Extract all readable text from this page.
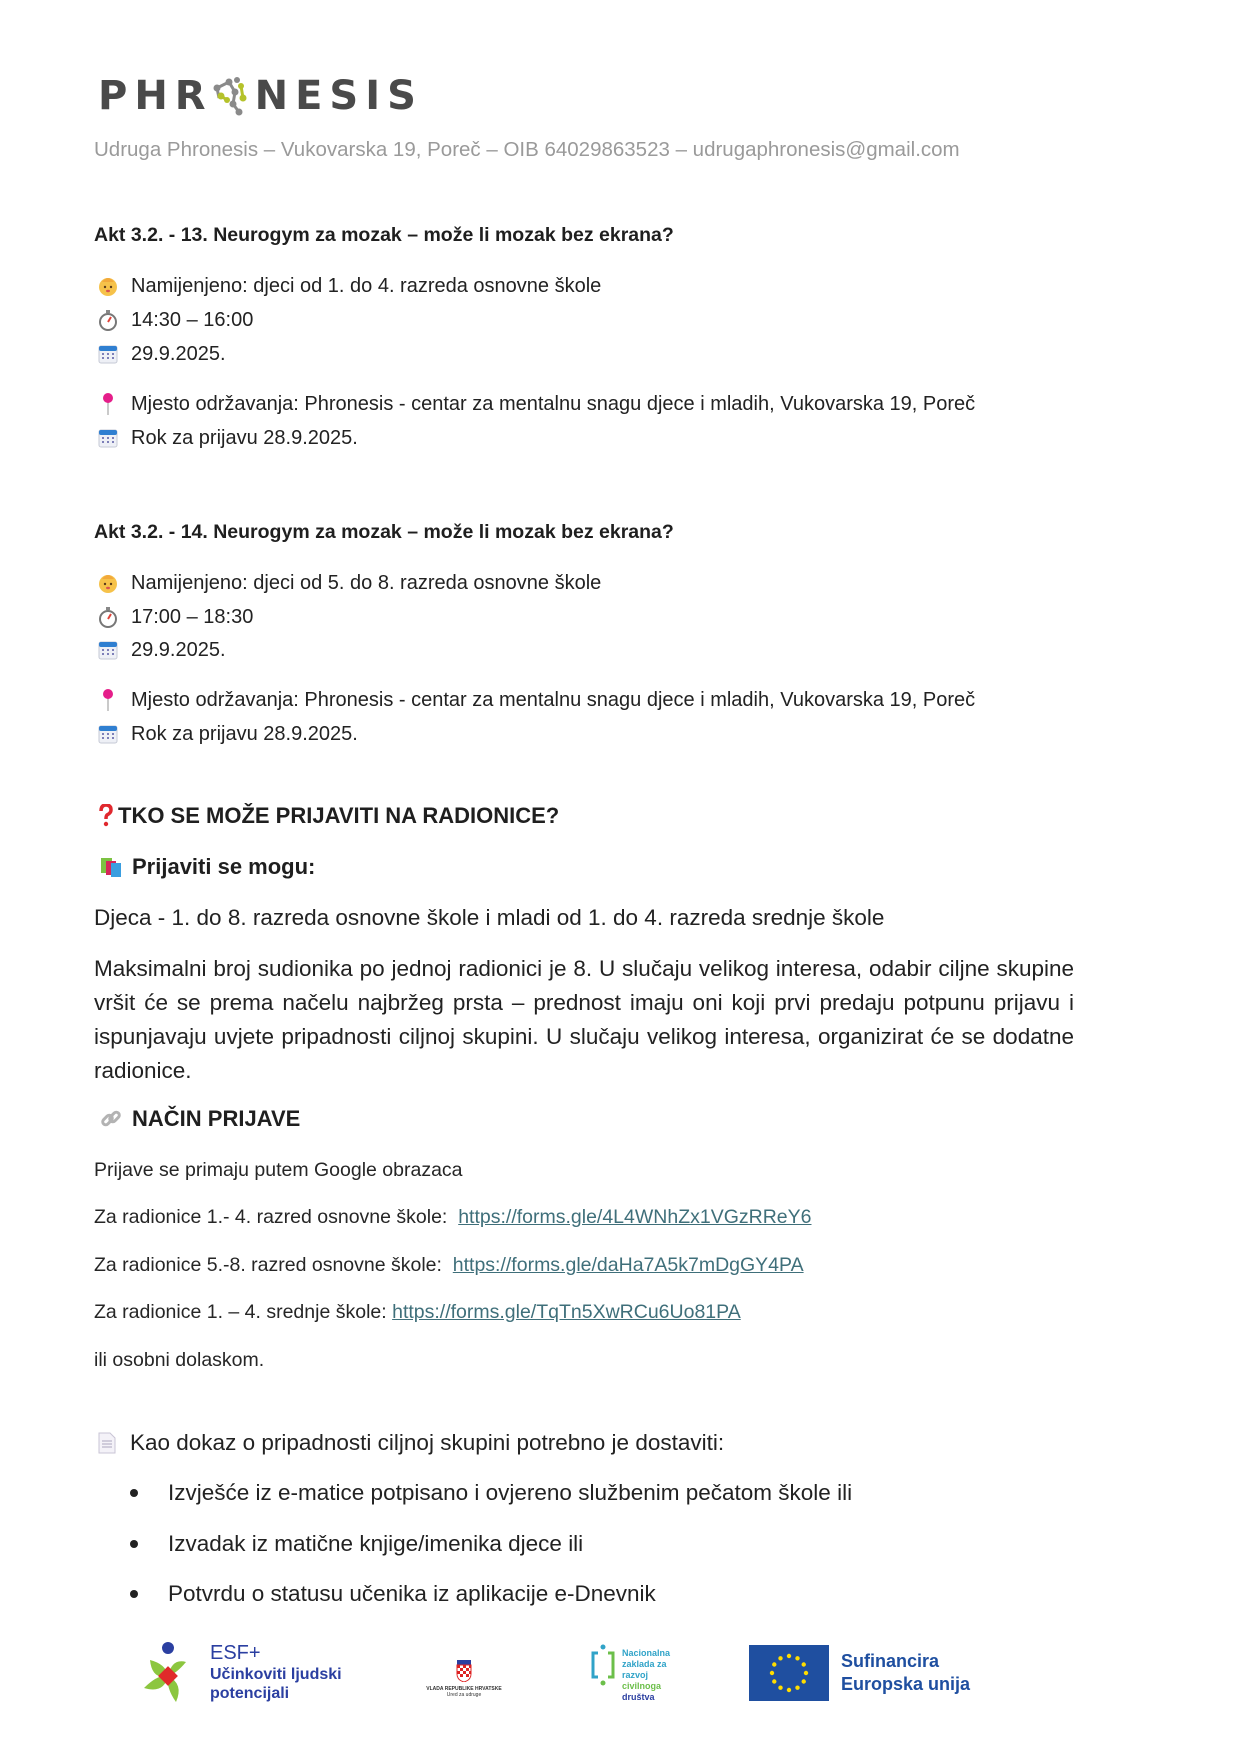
PHR NESIS
Udruga Phronesis – Vukovarska 19, Poreč – OIB 64029863523 – udrugaphronesis@gmail.com
Akt 3.2. - 13. Neurogym za mozak – može li mozak bez ekrana?
Namijenjeno: djeci od 1. do 4. razreda osnovne škole
14:30 – 16:00
29.9.2025.
Mjesto održavanja: Phronesis - centar za mentalnu snagu djece i mladih, Vukovarska 19, Poreč
Rok za prijavu 28.9.2025.
Akt 3.2. - 14. Neurogym za mozak – može li mozak bez ekrana?
Namijenjeno: djeci od 5. do 8. razreda osnovne škole
17:00 – 18:30
29.9.2025.
Mjesto održavanja: Phronesis - centar za mentalnu snagu djece i mladih, Vukovarska 19, Poreč
Rok za prijavu 28.9.2025.
TKO SE MOŽE PRIJAVITI NA RADIONICE?
Prijaviti se mogu:
Djeca - 1. do 8. razreda osnovne škole i mladi od 1. do 4. razreda srednje škole
Maksimalni broj sudionika po jednoj radionici je 8. U slučaju velikog interesa, odabir ciljne skupine vršit će se prema načelu najbržeg prsta – prednost imaju oni koji prvi predaju potpunu prijavu i ispunjavaju uvjete pripadnosti ciljnoj skupini. U slučaju velikog interesa, organizirat će se dodatne radionice.
NAČIN PRIJAVE
Prijave se primaju putem Google obrazaca
Za radionice 1.- 4. razred osnovne škole: https://forms.gle/4L4WNhZx1VGzRReY6
Za radionice 5.-8. razred osnovne škole: https://forms.gle/daHa7A5k7mDgGY4PA
Za radionice 1. – 4. srednje škole: https://forms.gle/TqTn5XwRCu6Uo81PA
ili osobni dolaskom.
Kao dokaz o pripadnosti ciljnoj skupini potrebno je dostaviti:
Izvješće iz e-matice potpisano i ovjereno službenim pečatom škole ili
Izvadak iz matične knjige/imenika djece ili
Potvrdu o statusu učenika iz aplikacije e-Dnevnik
ESF+
Učinkoviti ljudski
potencijali	VLADA REPUBLIKE HRVATSKE
Ured za udruge
Nacionalna
zaklada za
razvoj
civilnoga
društva
Sufinancira
Europska unija
